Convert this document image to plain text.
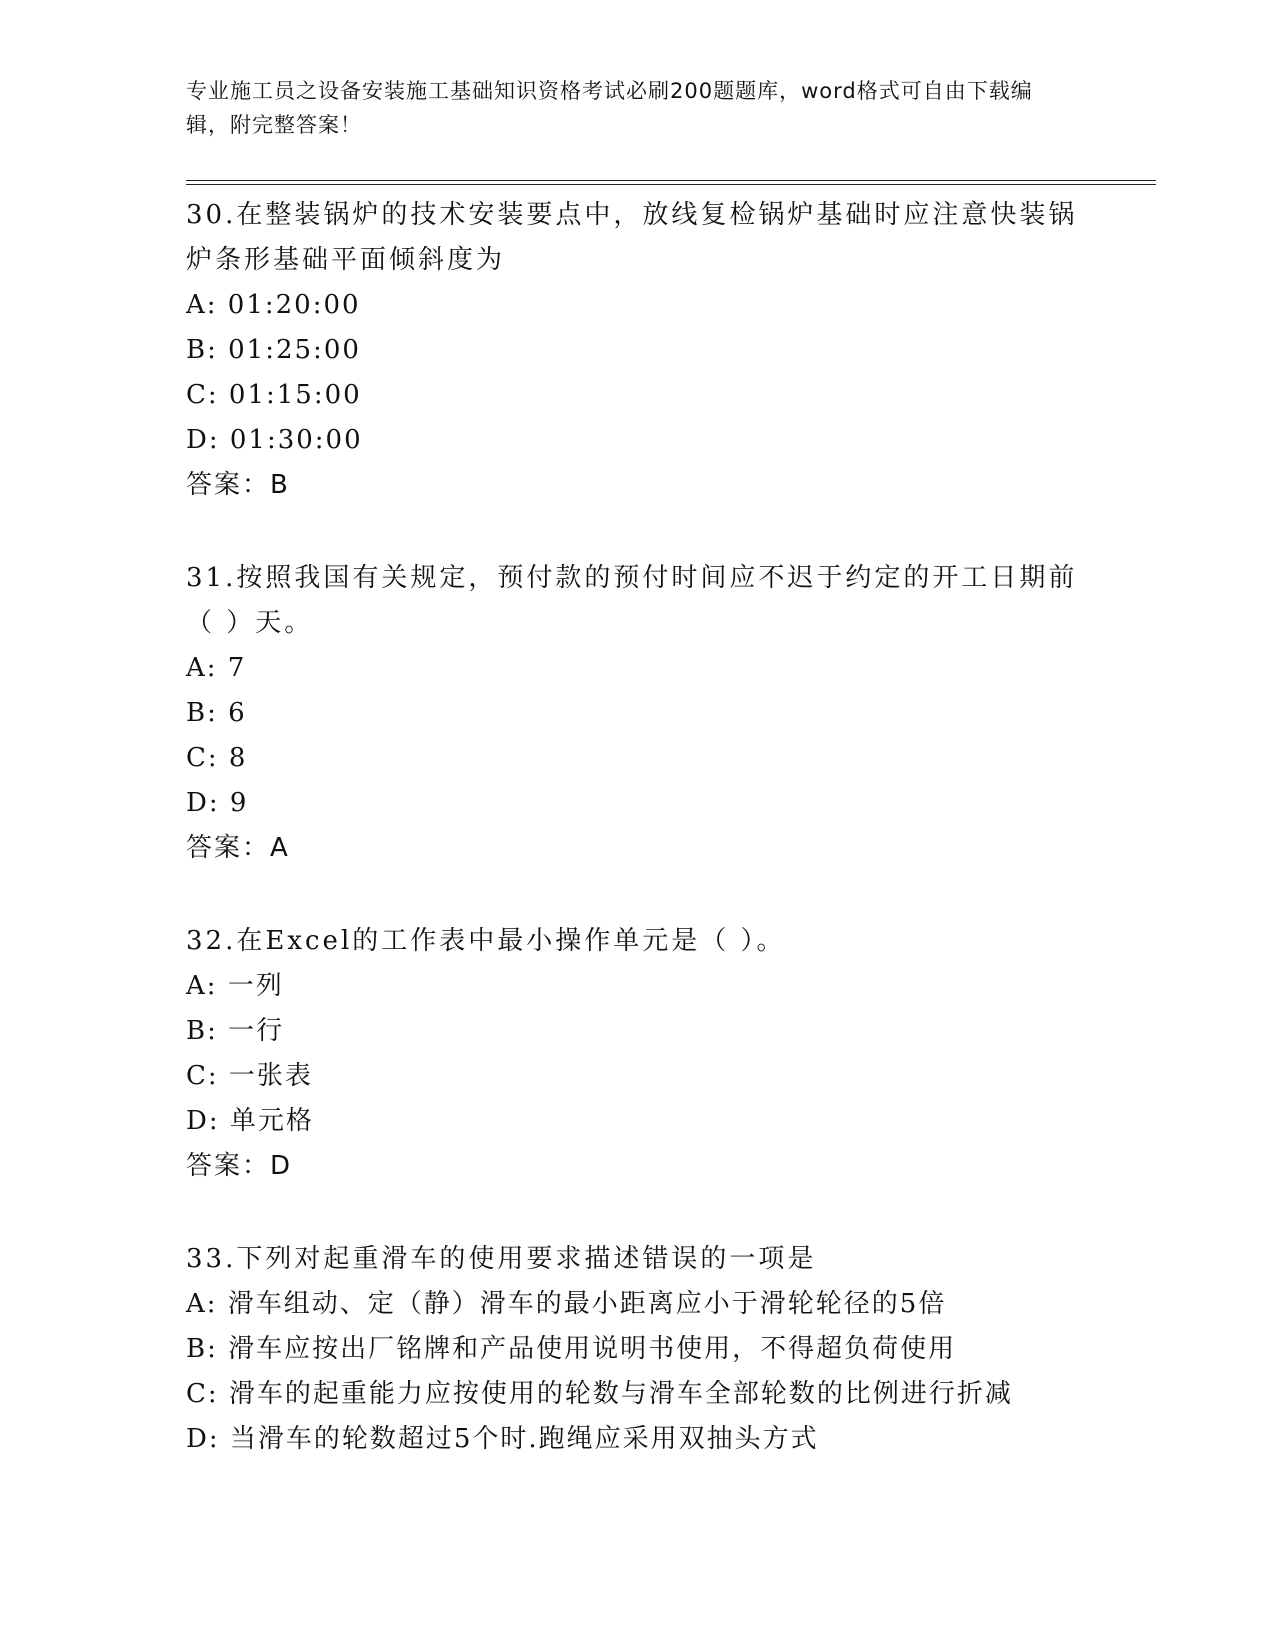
专业施工员之设备安装施工基础知识资格考试必刷200题题库，word格式可自由下载编辑，附完整答案！

30.在整装锅炉的技术安装要点中，放线复检锅炉基础时应注意快装锅炉条形基础平面倾斜度为

A: 01:20:00

B: 01:25:00

C: 01:15:00

D: 01:30:00

答案：B

31.按照我国有关规定，预付款的预付时间应不迟于约定的开工日期前（ ）天。

A: 7

B: 6

C: 8

D: 9

答案：A

32.在Excel的工作表中最小操作单元是（ ）。

A: 一列

B: 一行

C: 一张表

D: 单元格

答案：D

33.下列对起重滑车的使用要求描述错误的一项是

A: 滑车组动、定（静）滑车的最小距离应小于滑轮轮径的5倍

B: 滑车应按出厂铭牌和产品使用说明书使用，不得超负荷使用

C: 滑车的起重能力应按使用的轮数与滑车全部轮数的比例进行折减

D: 当滑车的轮数超过5个时.跑绳应采用双抽头方式
